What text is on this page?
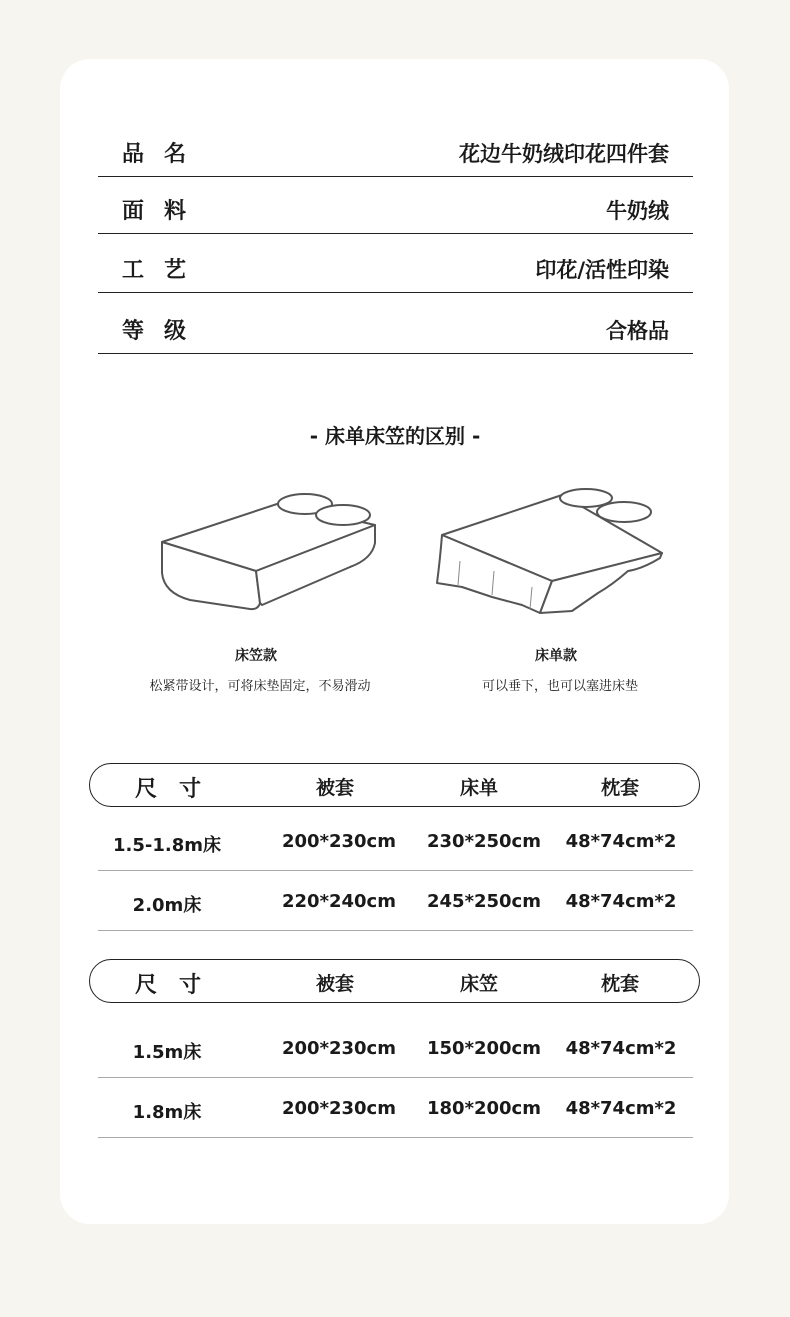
品名	花边牛奶绒印花四件套
面料	牛奶绒
工艺	印花/活性印染
等级	合格品
- 床单床笠的区别 -
床笠款
松紧带设计，可将床垫固定，不易滑动
床单款
可以垂下，也可以塞进床垫
尺寸	被套	床单	枕套
1.5-1.8m床	200*230cm	230*250cm	48*74cm*2
2.0m床	220*240cm	245*250cm	48*74cm*2
尺寸	被套	床笠	枕套
1.5m床	200*230cm	150*200cm	48*74cm*2
1.8m床	200*230cm	180*200cm	48*74cm*2
